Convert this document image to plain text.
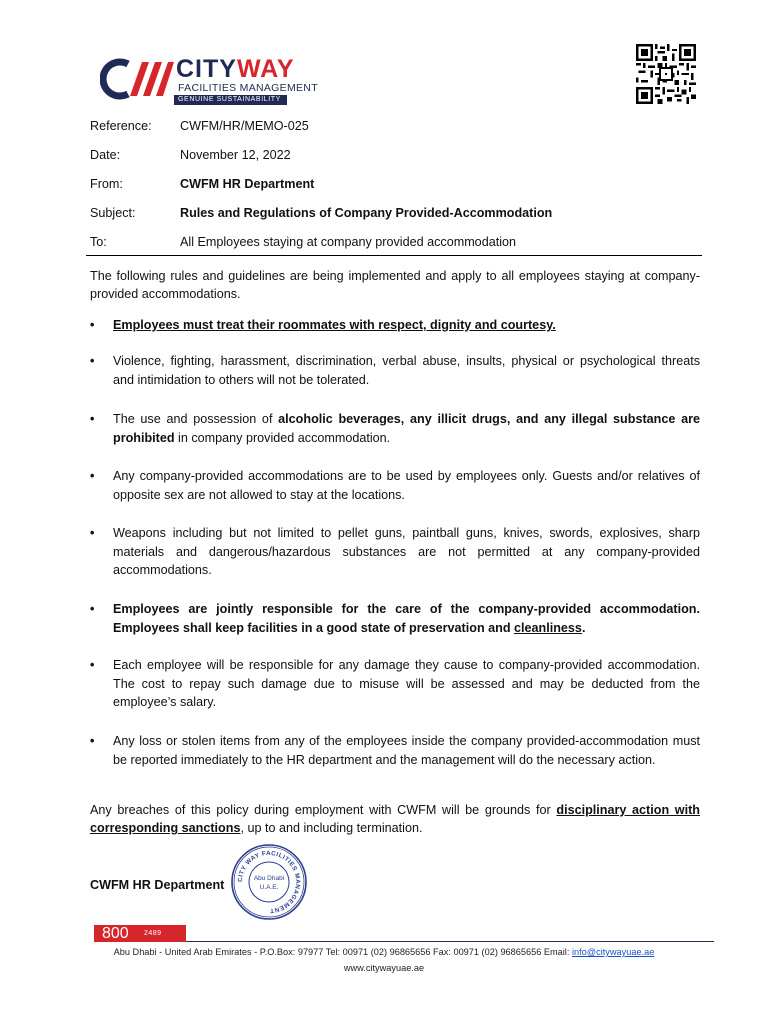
CITYWAY
FACILITIES MANAGEMENT
GENUINE SUSTAINABILITY
Reference: CWFM/HR/MEMO-025
Date:	November 12, 2022
From:	CWFM HR Department
Subject:	Rules and Regulations of Company Provided-Accommodation
To:	All Employees staying at company provided accommodation
The following rules and guidelines are being implemented and apply to all employees staying at company-provided accommodations.
• Employees must treat their roommates with respect, dignity and courtesy.
• Violence, fighting, harassment, discrimination, verbal abuse, insults, physical or psychological threats and intimidation to others will not be tolerated.
• The use and possession of alcoholic beverages, any illicit drugs, and any illegal substance are prohibited in company provided accommodation.
• Any company-provided accommodations are to be used by employees only. Guests and/or relatives of opposite sex are not allowed to stay at the locations.
• Weapons including but not limited to pellet guns, paintball guns, knives, swords, explosives, sharp materials and dangerous/hazardous substances are not permitted at any company-provided accommodations.
• Employees are jointly responsible for the care of the company-provided accommodation. Employees shall keep facilities in a good state of preservation and cleanliness.
• Each employee will be responsible for any damage they cause to company-provided accommodation. The cost to repay such damage due to misuse will be assessed and may be deducted from the employee’s salary.
• Any loss or stolen items from any of the employees inside the company provided-accommodation must be reported immediately to the HR department and the management will do the necessary action.
Any breaches of this policy during employment with CWFM will be grounds for disciplinary action with corresponding sanctions, up to and including termination.
CWFM HR Department CITY WAY FACILITIES MANAGEMENT
Abu Dhabi
U.A.E.
800 2489
Abu Dhabi - United Arab Emirates - P.O.Box: 97977 Tel: 00971 (02) 96865656 Fax: 00971 (02) 96865656 Email: info@citywayuae.ae
www.citywayuae.ae
